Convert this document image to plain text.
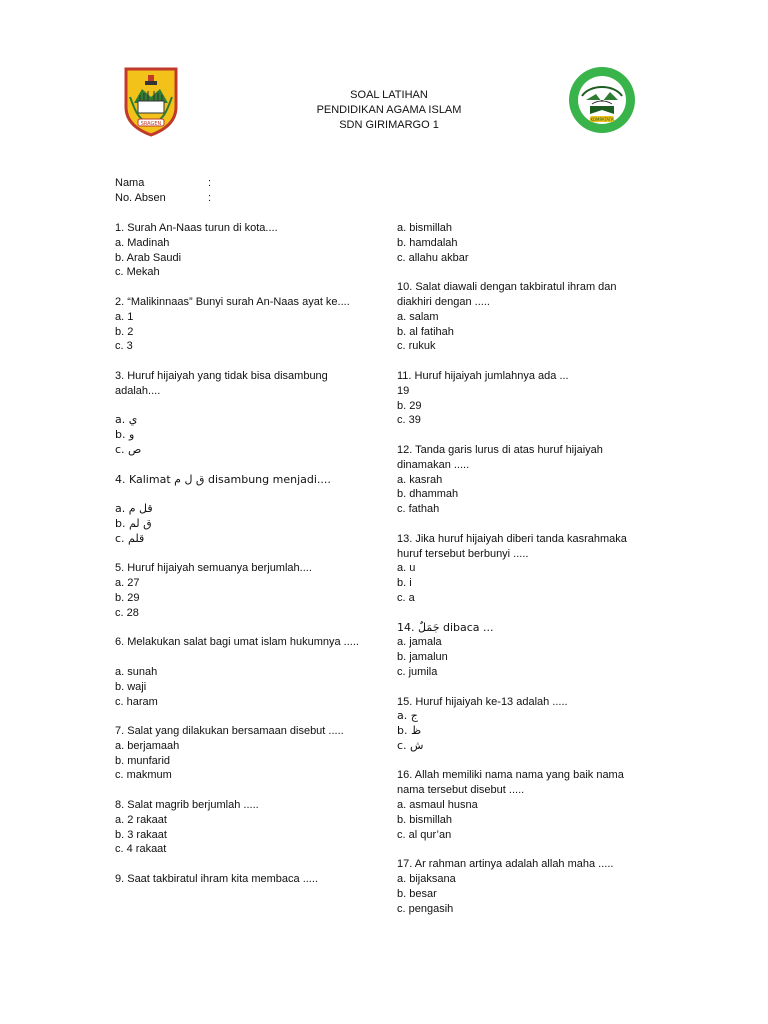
SRAGEN
KOMPATATA
SOAL LATIHAN
PENDIDIKAN AGAMA ISLAM
SDN GIRIMARGO 1
Nama	:
No. Absen	:
1. Surah An-Naas turun di kota....
a. Madinah
b. Arab Saudi
c. Mekah
2. “Malikinnaas” Bunyi surah An-Naas ayat ke....
a. 1
b. 2
c. 3
3. Huruf hijaiyah yang tidak bisa disambung adalah....
a. ي
b. و
c. ص
4. Kalimat ق ل م disambung menjadi....
a. قل م
b. ق لم
c. قلم
5. Huruf hijaiyah semuanya berjumlah....
a. 27
b. 29
c. 28
6. Melakukan salat bagi umat islam hukumnya .....
a. sunah
b. waji
c. haram
7. Salat yang dilakukan bersamaan disebut .....
a. berjamaah
b. munfarid
c. makmum
8. Salat magrib berjumlah .....
a. 2 rakaat
b. 3 rakaat
c. 4 rakaat
9. Saat takbiratul ihram kita membaca .....
a. bismillah
b. hamdalah
c. allahu akbar
10. Salat diawali dengan takbiratul ihram dan diakhiri dengan .....
a. salam
b. al fatihah
c. rukuk
11. Huruf hijaiyah jumlahnya ada ...
19
b. 29
c. 39
12. Tanda garis lurus di atas huruf hijaiyah dinamakan .....
a. kasrah
b. dhammah
c. fathah
13. Jika huruf hijaiyah diberi tanda kasrahmaka huruf tersebut berbunyi .....
a. u
b. i
c. a
14. جَمَلٌ dibaca ...
a. jamala
b. jamalun
c. jumila
15. Huruf hijaiyah ke-13 adalah .....
a. ج
b. ظ
c. ش
16. Allah memiliki nama nama yang baik nama nama tersebut disebut .....
a. asmaul husna
b. bismillah
c. al qur’an
17. Ar rahman artinya adalah allah maha .....
a. bijaksana
b. besar
c. pengasih
